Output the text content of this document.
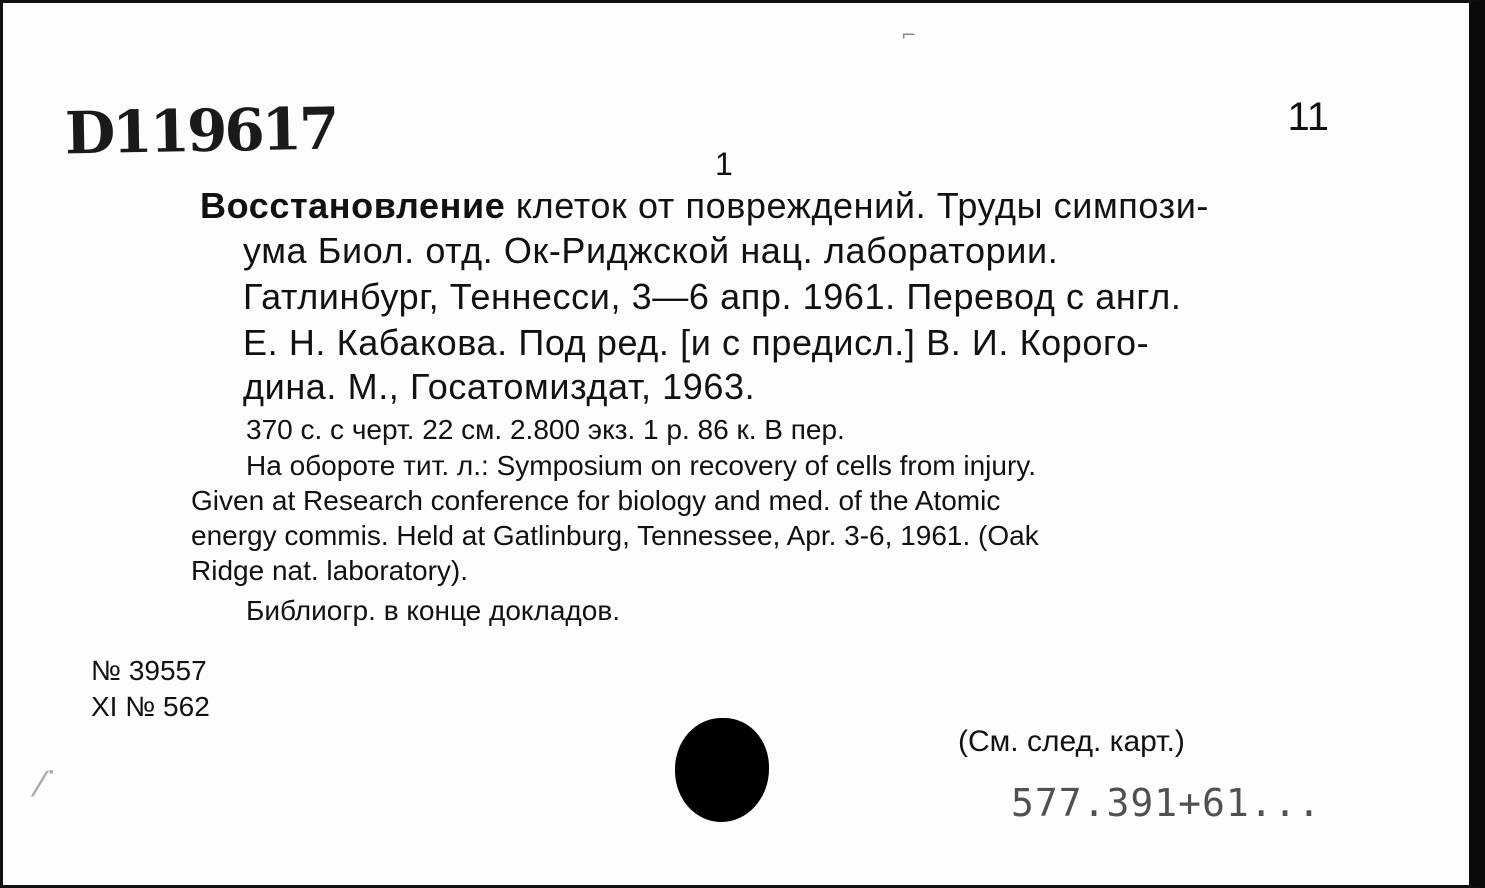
D119617	11
1
Восстановление клеток от повреждений. Труды симпози-
ума Биол. отд. Ок-Риджской нац. лаборатории.
Гатлинбург, Теннесси, 3—6 апр. 1961. Перевод с англ.
Е. Н. Кабакова. Под ред. [и с предисл.] В. И. Корого-
дина. М., Госатомиздат, 1963.
370 с. с черт. 22 см. 2.800 экз. 1 р. 86 к. В пер.
На обороте тит. л.: Symposium on recovery of cells from injury.
Given at Research conference for biology and med. of the Atomic
energy commis. Held at Gatlinburg, Tennessee, Apr. 3-6, 1961. (Oak
Ridge nat. laboratory).
Библиогр. в конце докладов.
№ 39557
XI № 562
(См. след. карт.)
577.391+61...
⌐
⁄˙
